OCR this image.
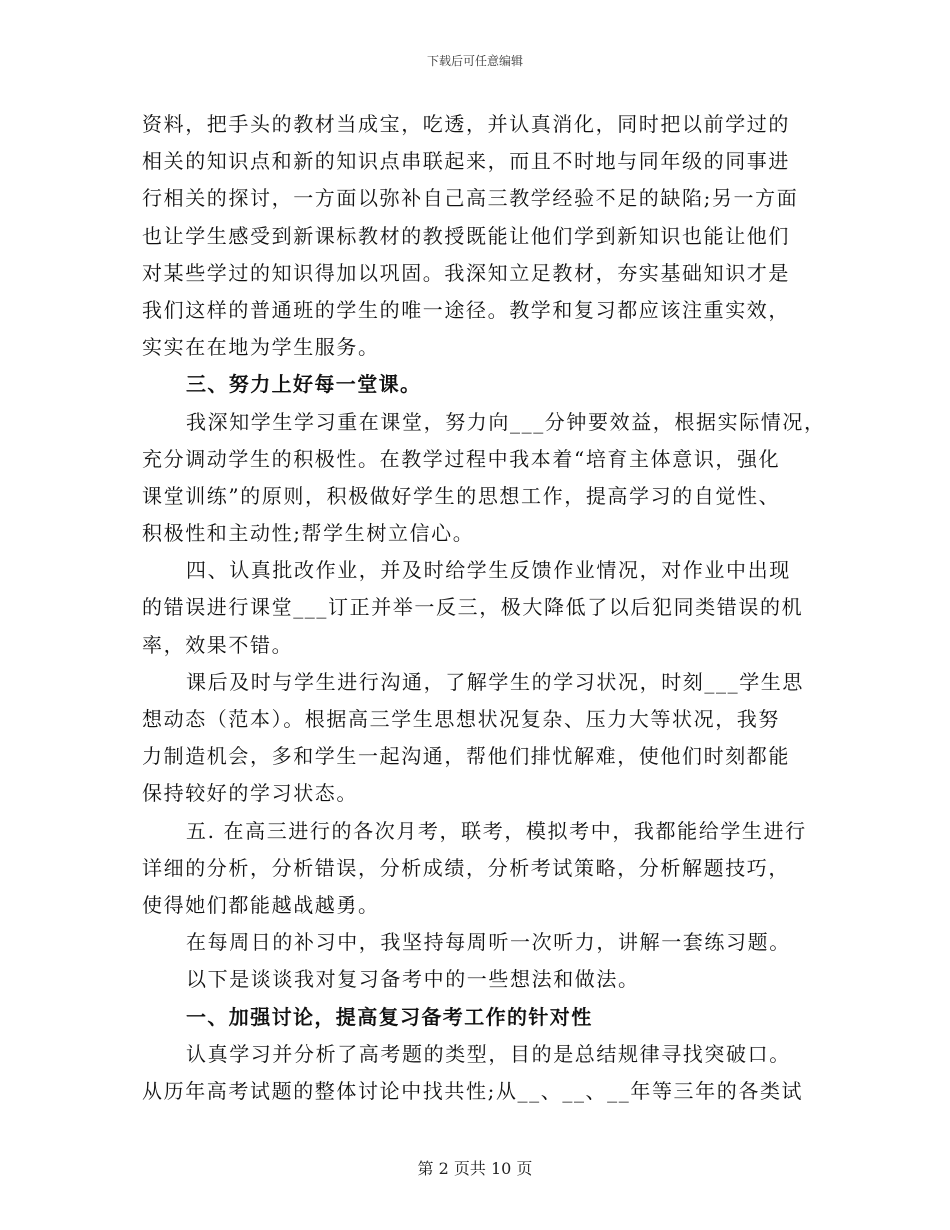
下载后可任意编辑
资料，把手头的教材当成宝，吃透，并认真消化，同时把以前学过的
相关的知识点和新的知识点串联起来，而且不时地与同年级的同事进
行相关的探讨，一方面以弥补自己高三教学经验不足的缺陷;另一方面
也让学生感受到新课标教材的教授既能让他们学到新知识也能让他们
对某些学过的知识得加以巩固。我深知立足教材，夯实基础知识才是
我们这样的普通班的学生的唯一途径。教学和复习都应该注重实效，
实实在在地为学生服务。
三、努力上好每一堂课。
我深知学生学习重在课堂，努力向___分钟要效益，根据实际情况，
充分调动学生的积极性。在教学过程中我本着“培育主体意识，强化
课堂训练”的原则，积极做好学生的思想工作，提高学习的自觉性、
积极性和主动性;帮学生树立信心。
四、认真批改作业，并及时给学生反馈作业情况，对作业中出现
的错误进行课堂___订正并举一反三，极大降低了以后犯同类错误的机
率，效果不错。
课后及时与学生进行沟通，了解学生的学习状况，时刻___学生思
想动态（范本）。根据高三学生思想状况复杂、压力大等状况，我努
力制造机会，多和学生一起沟通，帮他们排忧解难，使他们时刻都能
保持较好的学习状态。
五. 在高三进行的各次月考，联考，模拟考中，我都能给学生进行
详细的分析，分析错误，分析成绩，分析考试策略，分析解题技巧，
使得她们都能越战越勇。
在每周日的补习中，我坚持每周听一次听力，讲解一套练习题。
以下是谈谈我对复习备考中的一些想法和做法。
一、加强讨论，提高复习备考工作的针对性
认真学习并分析了高考题的类型，目的是总结规律寻找突破口。
从历年高考试题的整体讨论中找共性;从__、__、__年等三年的各类试
第 2 页共 10 页
